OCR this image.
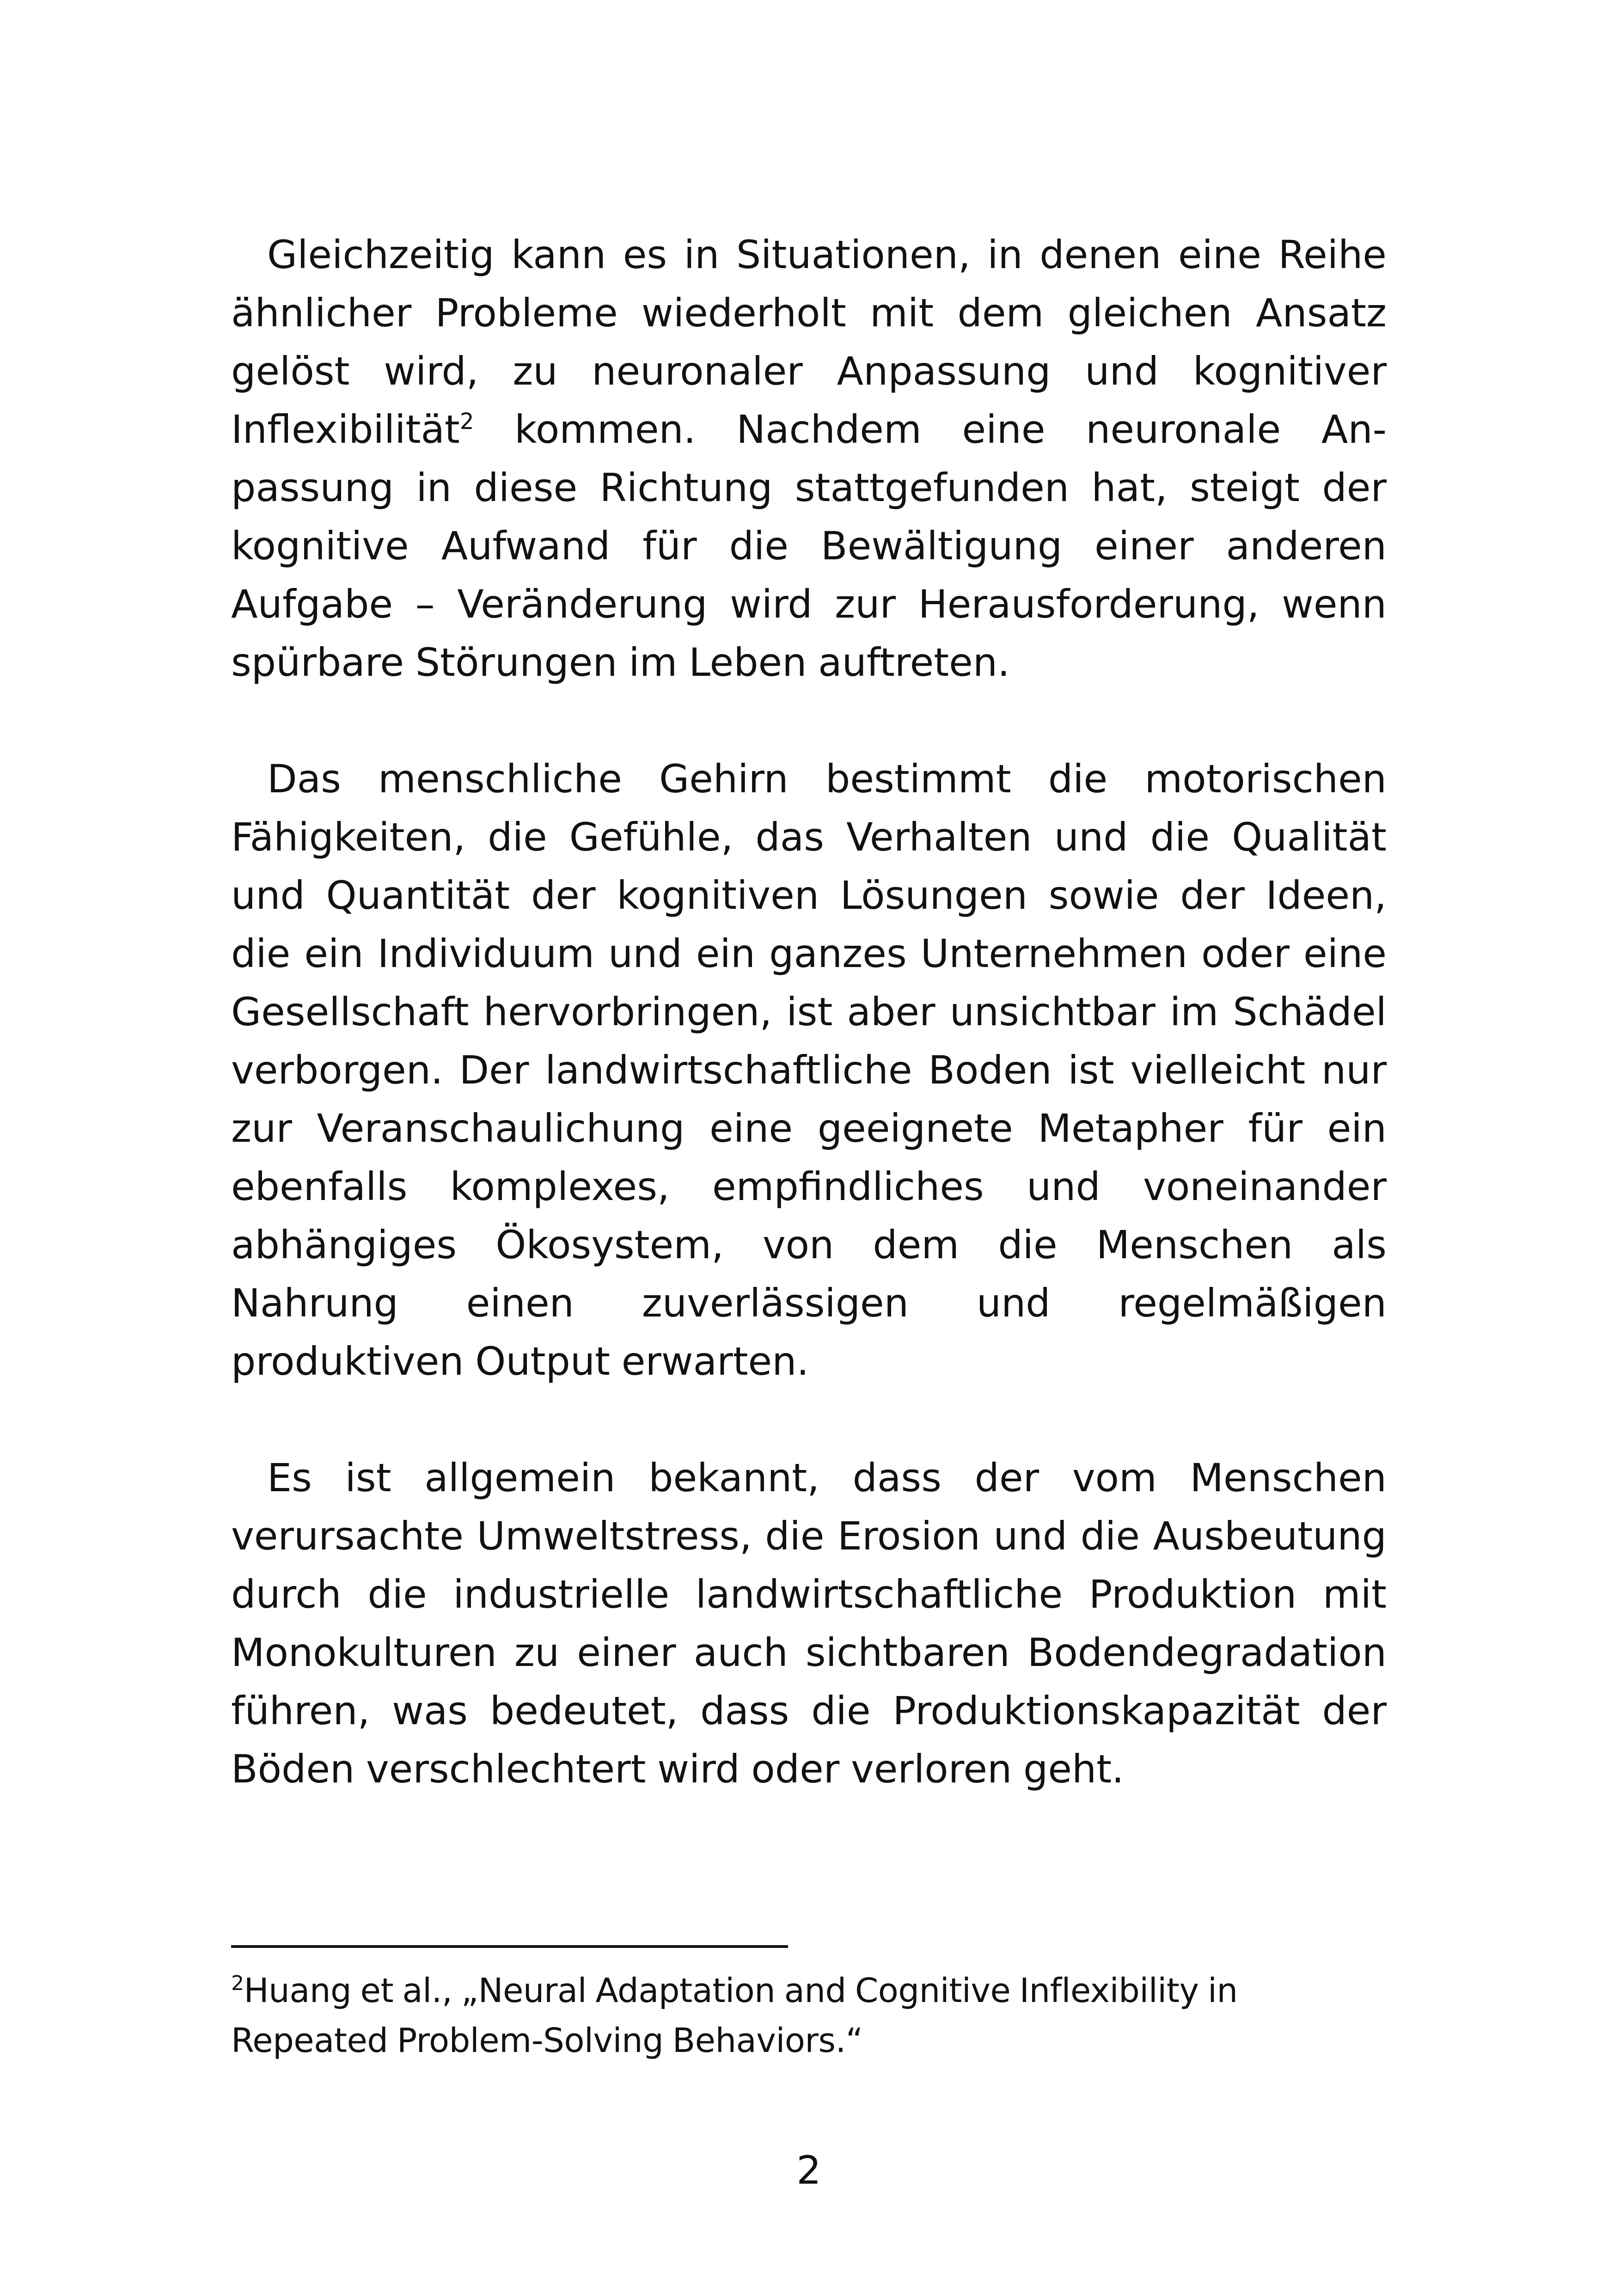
Gleichzeitig kann es in Situationen, in denen eine Reihe ähnlicher Probleme wiederholt mit dem gleichen Ansatz gelöst wird, zu neuronaler Anpassung und kognitiver Inflexibilität$^2$ kommen. Nachdem eine neuronale Anpassung in diese Richtung stattgefunden hat, steigt der kognitive Aufwand für die Bewältigung einer anderen Aufgabe – Veränderung wird zur Herausforderung, wenn spürbare Störungen im Leben auftreten.

Das menschliche Gehirn bestimmt die motorischen Fähigkeiten, die Gefühle, das Verhalten und die Qualität und Quantität der kognitiven Lösungen sowie der Ideen, die ein Individuum und ein ganzes Unternehmen oder eine Gesellschaft hervorbringen, ist aber unsichtbar im Schädel verborgen. Der landwirtschaftliche Boden ist vielleicht nur zur Veranschaulichung eine geeignete Metapher für ein ebenfalls komplexes, empfindliches und voneinander abhängiges Ökosystem, von dem die Menschen als Nahrung einen zuverlässigen und regelmäßigen produktiven Output erwarten.

Es ist allgemein bekannt, dass der vom Menschen verursachte Umweltstress, die Erosion und die Ausbeutung durch die industrielle landwirtschaftliche Produktion mit Monokulturen zu einer auch sichtbaren Bodendegradation führen, was bedeutet, dass die Produktionskapazität der Böden verschlechtert wird oder verloren geht.

$^2$Huang et al., „Neural Adaptation and Cognitive Inflexibility in Repeated Problem-Solving Behaviors.“

2
